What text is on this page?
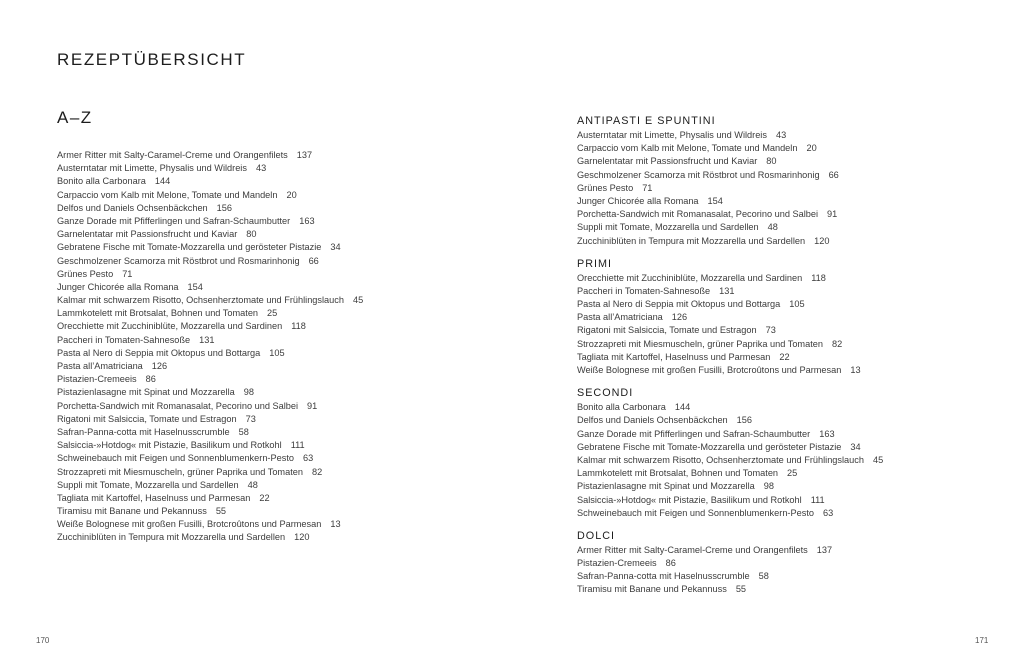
REZEPTÜBERSICHT
A–Z
Armer Ritter mit Salty-Caramel-Creme und Orangenfilets 137
Austerntatar mit Limette, Physalis und Wildreis 43
Bonito alla Carbonara 144
Carpaccio vom Kalb mit Melone, Tomate und Mandeln 20
Delfos und Daniels Ochsenbäckchen 156
Ganze Dorade mit Pfifferlingen und Safran-Schaumbutter 163
Garnelentatar mit Passionsfrucht und Kaviar 80
Gebratene Fische mit Tomate-Mozzarella und gerösteter Pistazie 34
Geschmolzener Scamorza mit Röstbrot und Rosmarinhonig 66
Grünes Pesto 71
Junger Chicorée alla Romana 154
Kalmar mit schwarzem Risotto, Ochsenherztomate und Frühlingslauch 45
Lammkotelett mit Brotsalat, Bohnen und Tomaten 25
Orecchiette mit Zucchiniblüte, Mozzarella und Sardinen 118
Paccheri in Tomaten-Sahnesoße 131
Pasta al Nero di Seppia mit Oktopus und Bottarga 105
Pasta all’Amatriciana 126
Pistazien-Cremeeis 86
Pistazienlasagne mit Spinat und Mozzarella 98
Porchetta-Sandwich mit Romanasalat, Pecorino und Salbei 91
Rigatoni mit Salsiccia, Tomate und Estragon 73
Safran-Panna-cotta mit Haselnusscrumble 58
Salsiccia-»Hotdog« mit Pistazie, Basilikum und Rotkohl 111
Schweinebauch mit Feigen und Sonnenblumenkern-Pesto 63
Strozzapreti mit Miesmuscheln, grüner Paprika und Tomaten 82
Suppli mit Tomate, Mozzarella und Sardellen 48
Tagliata mit Kartoffel, Haselnuss und Parmesan 22
Tiramisu mit Banane und Pekannuss 55
Weiße Bolognese mit großen Fusilli, Brotcroûtons und Parmesan 13
Zucchiniblüten in Tempura mit Mozzarella und Sardellen 120
ANTIPASTI E SPUNTINI
Austerntatar mit Limette, Physalis und Wildreis 43
Carpaccio vom Kalb mit Melone, Tomate und Mandeln 20
Garnelentatar mit Passionsfrucht und Kaviar 80
Geschmolzener Scamorza mit Röstbrot und Rosmarinhonig 66
Grünes Pesto 71
Junger Chicorée alla Romana 154
Porchetta-Sandwich mit Romanasalat, Pecorino und Salbei 91
Suppli mit Tomate, Mozzarella und Sardellen 48
Zucchiniblüten in Tempura mit Mozzarella und Sardellen 120
PRIMI
Orecchiette mit Zucchiniblüte, Mozzarella und Sardinen 118
Paccheri in Tomaten-Sahnesoße 131
Pasta al Nero di Seppia mit Oktopus und Bottarga 105
Pasta all’Amatriciana 126
Rigatoni mit Salsiccia, Tomate und Estragon 73
Strozzapreti mit Miesmuscheln, grüner Paprika und Tomaten 82
Tagliata mit Kartoffel, Haselnuss und Parmesan 22
Weiße Bolognese mit großen Fusilli, Brotcroûtons und Parmesan 13
SECONDI
Bonito alla Carbonara 144
Delfos und Daniels Ochsenbäckchen 156
Ganze Dorade mit Pfifferlingen und Safran-Schaumbutter 163
Gebratene Fische mit Tomate-Mozzarella und gerösteter Pistazie 34
Kalmar mit schwarzem Risotto, Ochsenherztomate und Frühlingslauch 45
Lammkotelett mit Brotsalat, Bohnen und Tomaten 25
Pistazienlasagne mit Spinat und Mozzarella 98
Salsiccia-»Hotdog« mit Pistazie, Basilikum und Rotkohl 111
Schweinebauch mit Feigen und Sonnenblumenkern-Pesto 63
DOLCI
Armer Ritter mit Salty-Caramel-Creme und Orangenfilets 137
Pistazien-Cremeeis 86
Safran-Panna-cotta mit Haselnusscrumble 58
Tiramisu mit Banane und Pekannuss 55
170	171
